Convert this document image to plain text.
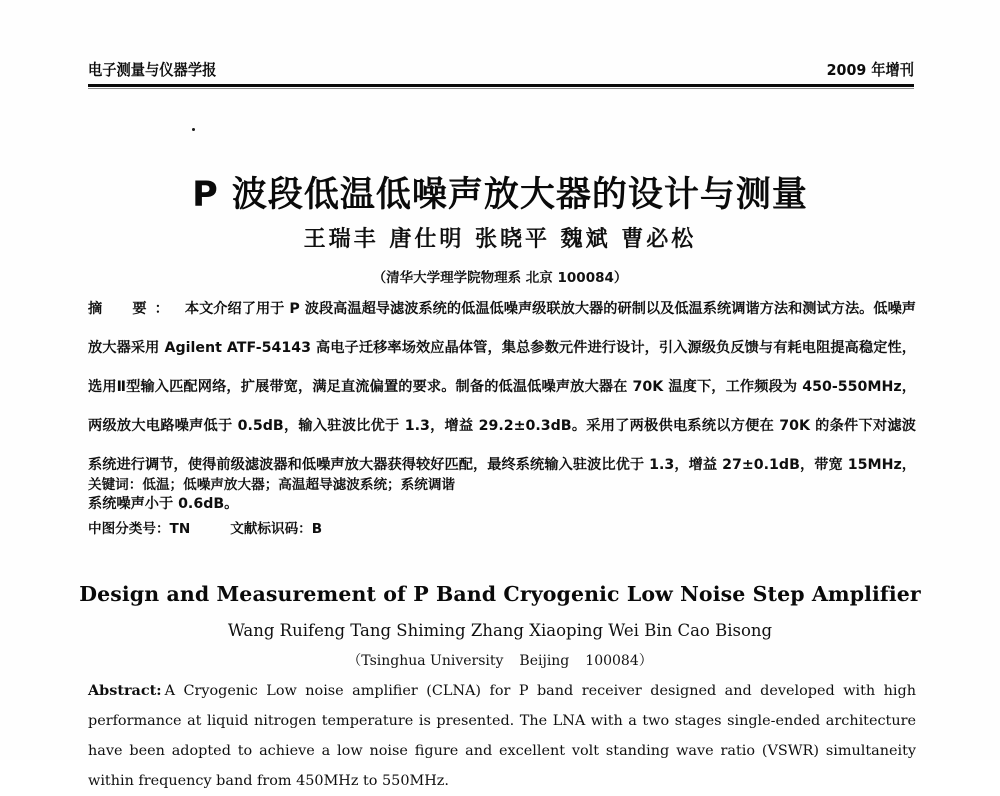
电子测量与仪器学报	2009 年增刊
P 波段低温低噪声放大器的设计与测量
王瑞丰 唐仕明 张晓平 魏斌 曹必松
（清华大学理学院物理系 北京 100084）
摘　要： 本文介绍了用于 P 波段高温超导滤波系统的低温低噪声级联放大器的研制以及低温系统调谐方法和测试方法。低噪声放大器采用 Agilent ATF-54143 高电子迁移率场效应晶体管，集总参数元件进行设计，引入源级负反馈与有耗电阻提高稳定性，选用Ⅱ型输入匹配网络，扩展带宽，满足直流偏置的要求。制备的低温低噪声放大器在 70K 温度下，工作频段为 450-550MHz，两级放大电路噪声低于 0.5dB，输入驻波比优于 1.3，增益 29.2±0.3dB。采用了两极供电系统以方便在 70K 的条件下对滤波系统进行调节，使得前级滤波器和低噪声放大器获得较好匹配，最终系统输入驻波比优于 1.3，增益 27±0.1dB，带宽 15MHz，系统噪声小于 0.6dB。
关键词：低温；低噪声放大器；高温超导滤波系统；系统调谐
中图分类号：TN	文献标识码：B
Design and Measurement of P Band Cryogenic Low Noise Step Amplifier
Wang Ruifeng Tang Shiming Zhang Xiaoping Wei Bin Cao Bisong
（Tsinghua University Beijing 100084）
Abstract: A Cryogenic Low noise amplifier (CLNA) for P band receiver designed and developed with high performance at liquid nitrogen temperature is presented. The LNA with a two stages single-ended architecture have been adopted to achieve a low noise figure and excellent volt standing wave ratio (VSWR) simultaneity within frequency band from 450MHz to 550MHz.
